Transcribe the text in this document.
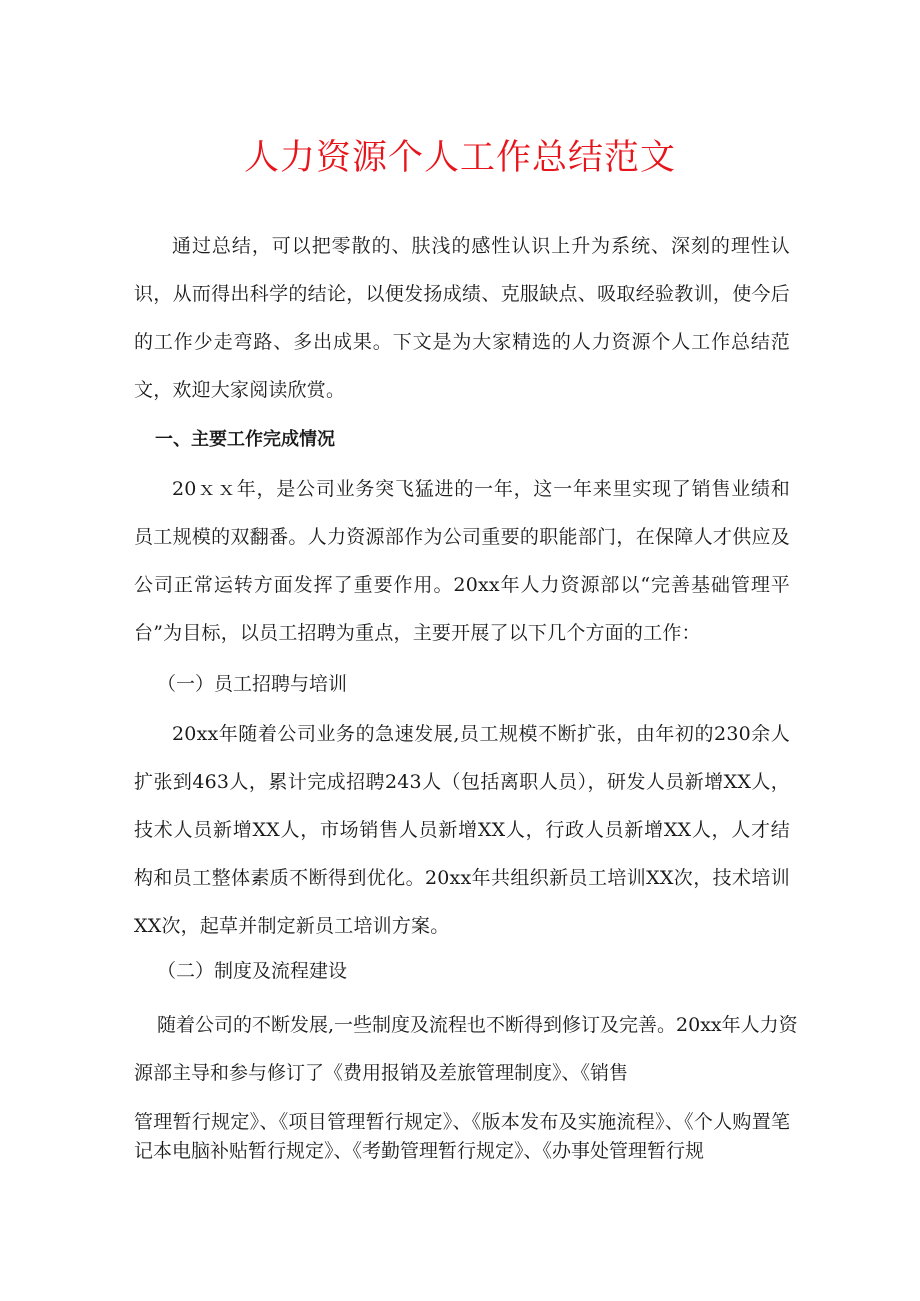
人力资源个人工作总结范文
通过总结，可以把零散的、肤浅的感性认识上升为系统、深刻的理性认识，从而得出科学的结论，以便发扬成绩、克服缺点、吸取经验教训，使今后的工作少走弯路、多出成果。下文是为大家精选的人力资源个人工作总结范文，欢迎大家阅读欣赏。
一、主要工作完成情况
20ｘｘ年，是公司业务突飞猛进的一年，这一年来里实现了销售业绩和员工规模的双翻番。人力资源部作为公司重要的职能部门，在保障人才供应及公司正常运转方面发挥了重要作用。20xx年人力资源部以“完善基础管理平台”为目标，以员工招聘为重点，主要开展了以下几个方面的工作：
（一）员工招聘与培训
20xx年随着公司业务的急速发展,员工规模不断扩张，由年初的230余人扩张到463人，累计完成招聘243人（包括离职人员），研发人员新增XX人，技术人员新增XX人，市场销售人员新增XX人，行政人员新增XX人，人才结构和员工整体素质不断得到优化。20xx年共组织新员工培训XX次，技术培训XX次，起草并制定新员工培训方案。
（二）制度及流程建设
随着公司的不断发展,一些制度及流程也不断得到修订及完善。20xx年人力资
源部主导和参与修订了《费用报销及差旅管理制度》、《销售
管理暂行规定》、《项目管理暂行规定》、《版本发布及实施流程》、《个人购置笔记本电脑补贴暂行规定》、《考勤管理暂行规定》、《办事处管理暂行规
